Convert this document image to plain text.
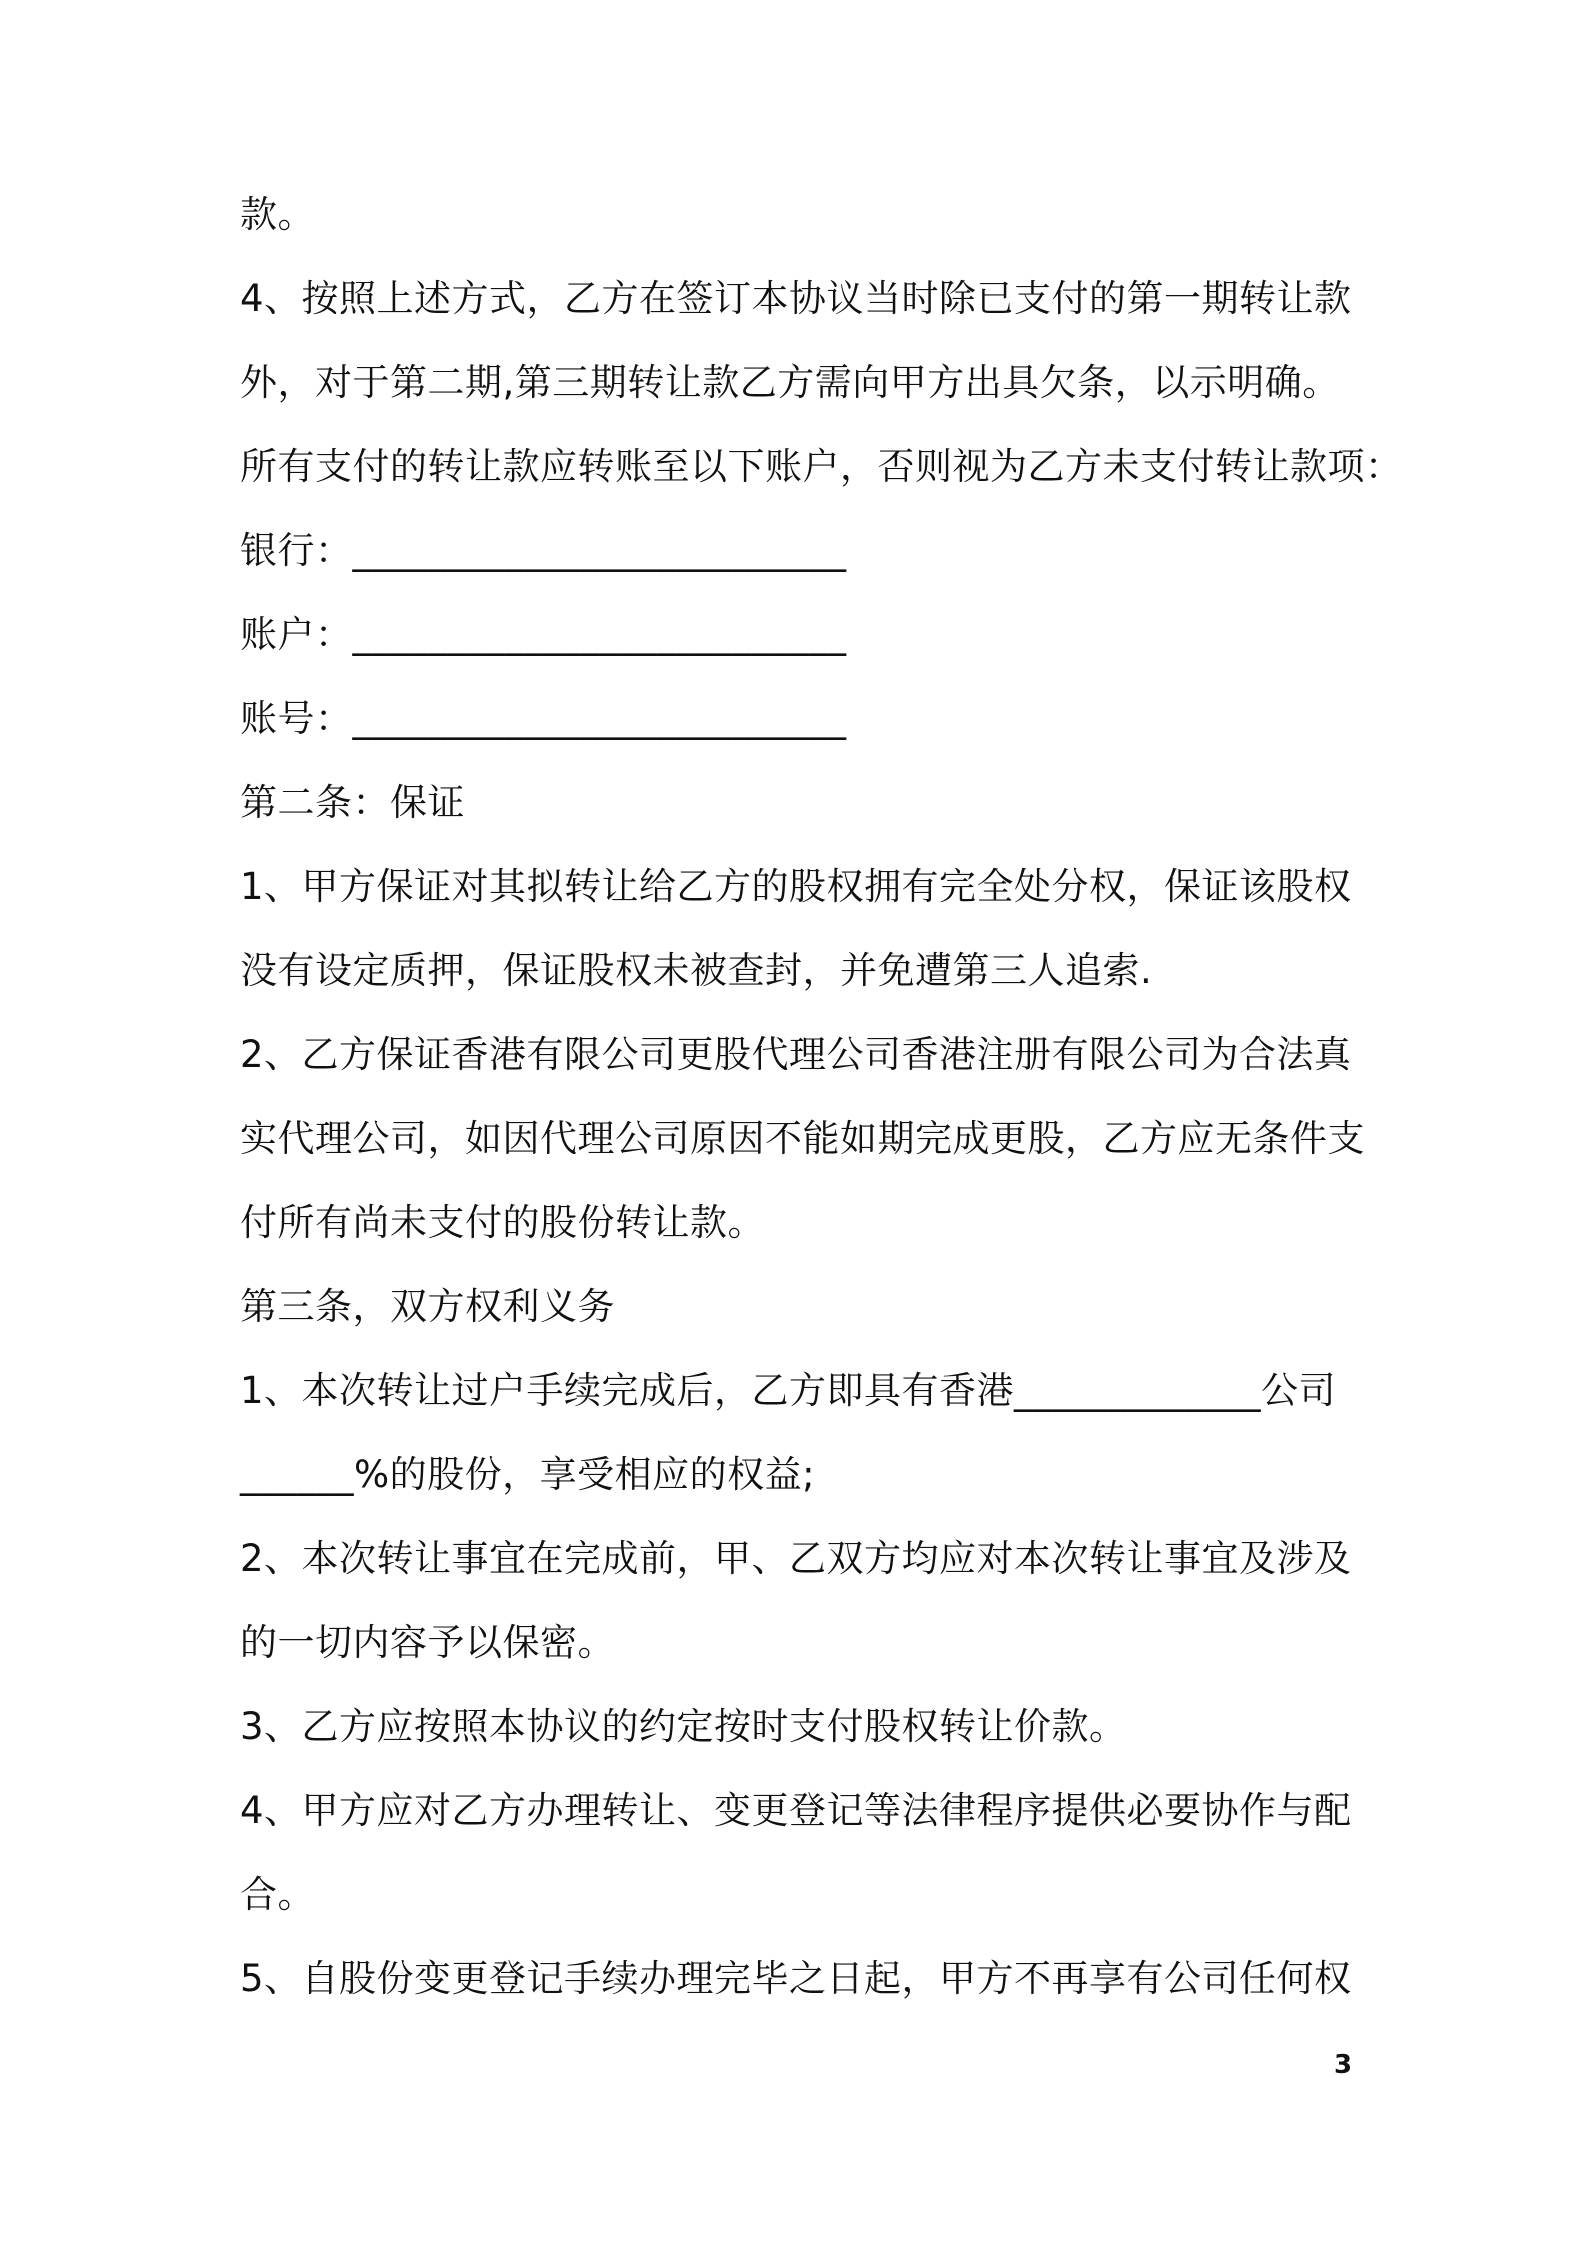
款。
4、按照上述方式，乙方在签订本协议当时除已支付的第一期转让款
外，对于第二期,第三期转让款乙方需向甲方出具欠条，以示明确。
所有支付的转让款应转账至以下账户，否则视为乙方未支付转让款项：
银行：__________________________
账户：__________________________
账号：__________________________
第二条：保证
1、甲方保证对其拟转让给乙方的股权拥有完全处分权，保证该股权
没有设定质押，保证股权未被查封，并免遭第三人追索.
2、乙方保证香港有限公司更股代理公司香港注册有限公司为合法真
实代理公司，如因代理公司原因不能如期完成更股，乙方应无条件支
付所有尚未支付的股份转让款。
第三条，双方权利义务
1、本次转让过户手续完成后，乙方即具有香港_____________公司
______%的股份，享受相应的权益;
2、本次转让事宜在完成前，甲、乙双方均应对本次转让事宜及涉及
的一切内容予以保密。
3、乙方应按照本协议的约定按时支付股权转让价款。
4、甲方应对乙方办理转让、变更登记等法律程序提供必要协作与配
合。
5、自股份变更登记手续办理完毕之日起，甲方不再享有公司任何权
3
